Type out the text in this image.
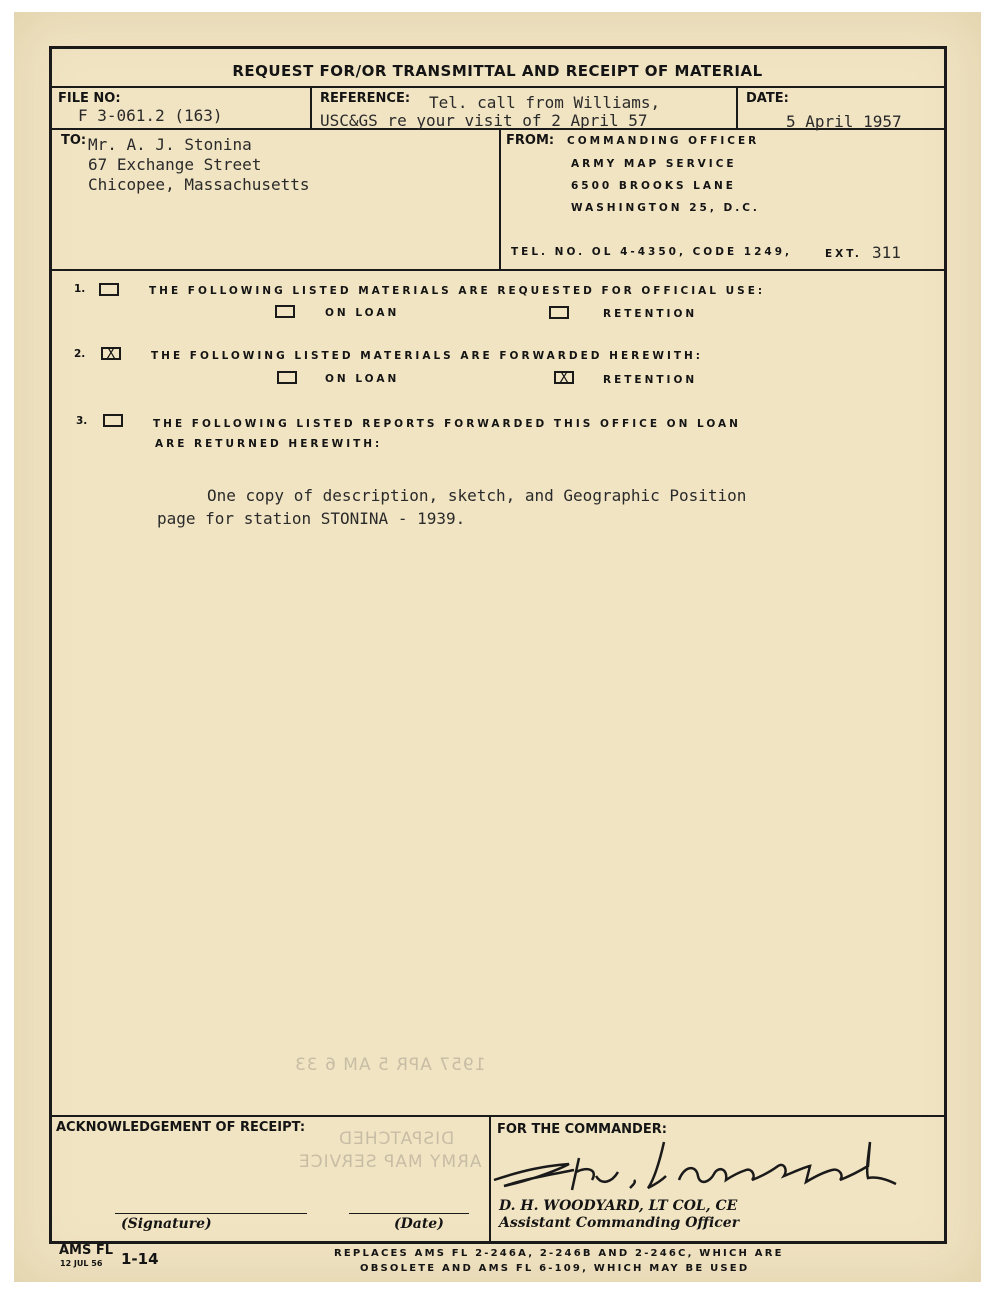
REQUEST FOR/OR TRANSMITTAL AND RECEIPT OF MATERIAL
FILE NO:
F 3-061.2 (163)
REFERENCE: Tel. call from Williams,
USC&GS re your visit of 2 April 57
DATE:
5 April 1957
TO: Mr. A. J. Stonina
67 Exchange Street
Chicopee, Massachusetts
FROM: COMMANDING OFFICER
ARMY MAP SERVICE
6500 BROOKS LANE
WASHINGTON 25, D.C.
TEL. NO. OL 4-4350, CODE 1249,	EXT. 311
1.	THE FOLLOWING LISTED MATERIALS ARE REQUESTED FOR OFFICIAL USE:
ON LOAN	RETENTION
2. X	THE FOLLOWING LISTED MATERIALS ARE FORWARDED HEREWITH:
ON LOAN	X	RETENTION
3.	THE FOLLOWING LISTED REPORTS FORWARDED THIS OFFICE ON LOAN
ARE RETURNED HEREWITH:
One copy of description, sketch, and Geographic Position
page for station STONINA - 1939.
1957 APR 5 AM 6 33
DISPATCHED
ARMY MAP SERVICE
ACKNOWLEDGEMENT OF RECEIPT:
(Signature)	(Date)
FOR THE COMMANDER:
D. H. WOODYARD, LT COL, CE
Assistant Commanding Officer
AMS FL
12 JUL 56 1-14	REPLACES AMS FL 2-246A, 2-246B AND 2-246C, WHICH ARE
OBSOLETE AND AMS FL 6-109, WHICH MAY BE USED
